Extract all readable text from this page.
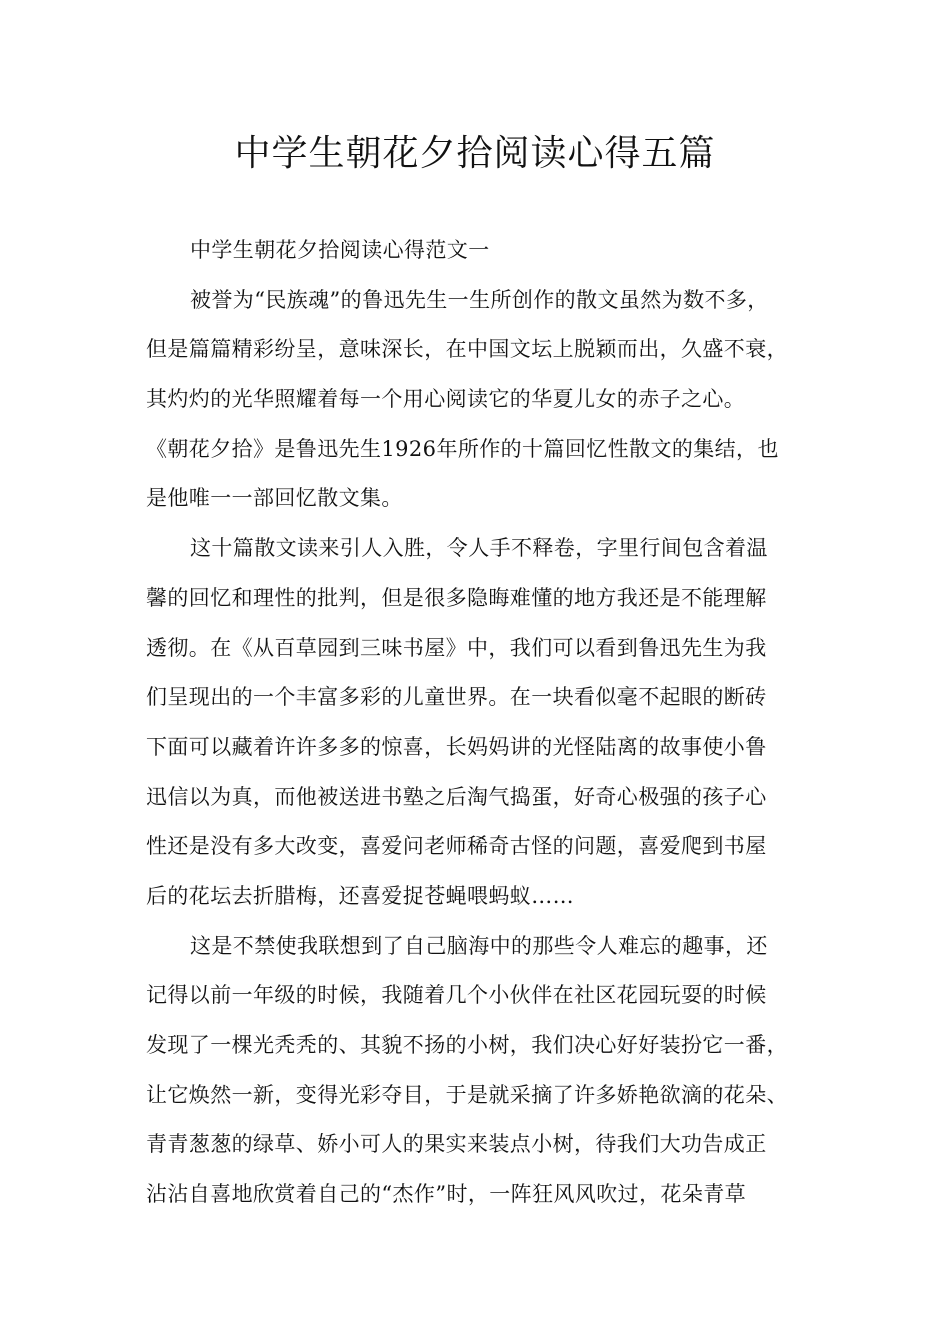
中学生朝花夕拾阅读心得五篇
中学生朝花夕拾阅读心得范文一
被誉为“民族魂”的鲁迅先生一生所创作的散文虽然为数不多，
但是篇篇精彩纷呈，意味深长，在中国文坛上脱颖而出，久盛不衰，
其灼灼的光华照耀着每一个用心阅读它的华夏儿女的赤子之心。
《朝花夕拾》是鲁迅先生1926年所作的十篇回忆性散文的集结，也
是他唯一一部回忆散文集。
这十篇散文读来引人入胜，令人手不释卷，字里行间包含着温
馨的回忆和理性的批判，但是很多隐晦难懂的地方我还是不能理解
透彻。在《从百草园到三味书屋》中，我们可以看到鲁迅先生为我
们呈现出的一个丰富多彩的儿童世界。在一块看似毫不起眼的断砖
下面可以藏着许许多多的惊喜，长妈妈讲的光怪陆离的故事使小鲁
迅信以为真，而他被送进书塾之后淘气捣蛋，好奇心极强的孩子心
性还是没有多大改变，喜爱问老师稀奇古怪的问题，喜爱爬到书屋
后的花坛去折腊梅，还喜爱捉苍蝇喂蚂蚁……
这是不禁使我联想到了自己脑海中的那些令人难忘的趣事，还
记得以前一年级的时候，我随着几个小伙伴在社区花园玩耍的时候
发现了一棵光秃秃的、其貌不扬的小树，我们决心好好装扮它一番，
让它焕然一新，变得光彩夺目，于是就采摘了许多娇艳欲滴的花朵、
青青葱葱的绿草、娇小可人的果实来装点小树，待我们大功告成正
沾沾自喜地欣赏着自己的“杰作”时，一阵狂风风吹过，花朵青草
